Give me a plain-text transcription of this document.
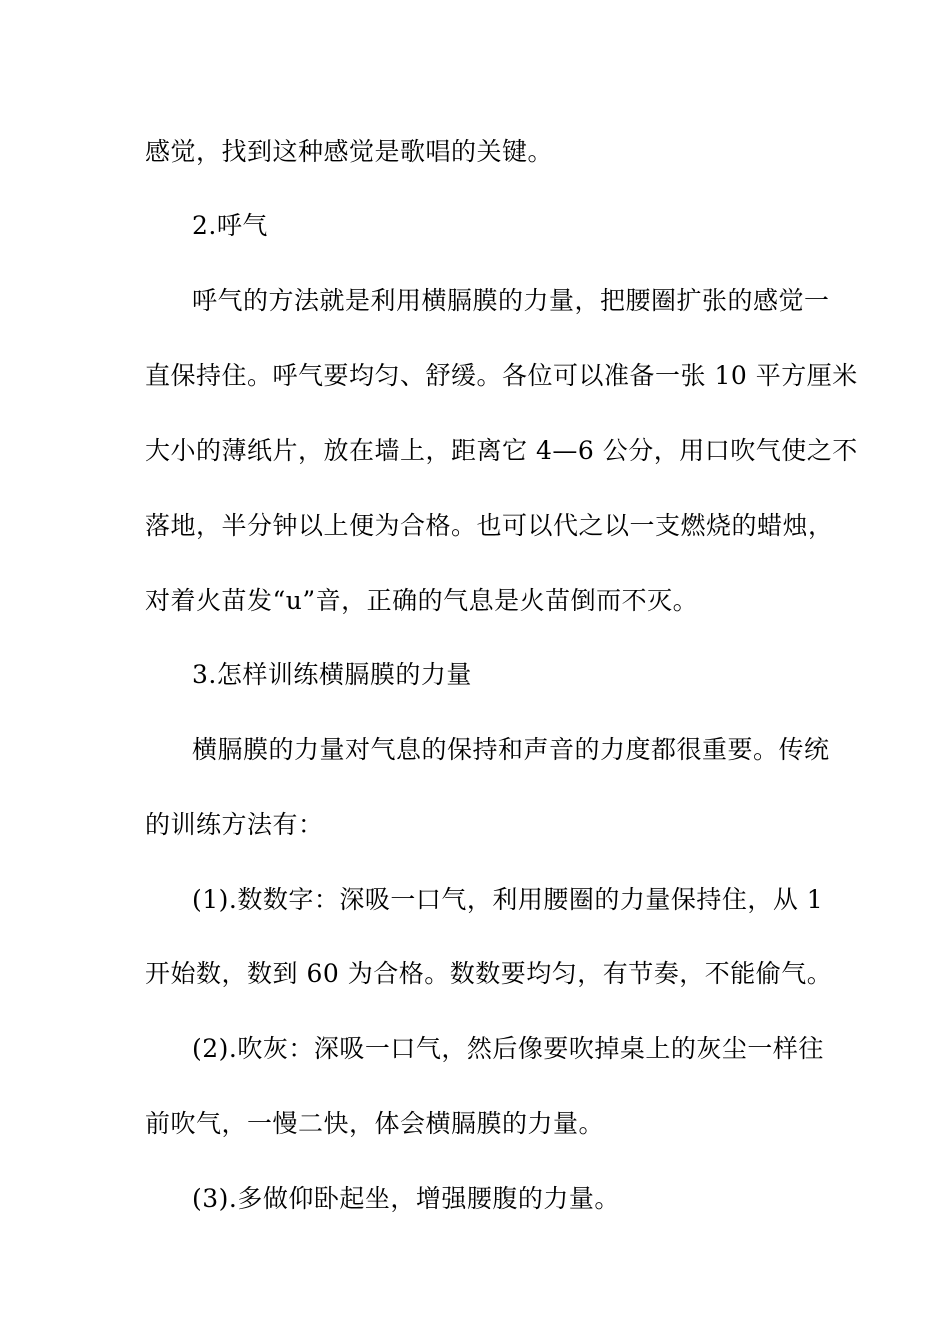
感觉，找到这种感觉是歌唱的关键。
2.呼气
呼气的方法就是利用横膈膜的力量，把腰圈扩张的感觉一
直保持住。呼气要均匀、舒缓。各位可以准备一张 10 平方厘米
大小的薄纸片，放在墙上，距离它 4—6 公分，用口吹气使之不
落地，半分钟以上便为合格。也可以代之以一支燃烧的蜡烛，
对着火苗发“u”音，正确的气息是火苗倒而不灭。
3.怎样训练横膈膜的力量
横膈膜的力量对气息的保持和声音的力度都很重要。传统
的训练方法有：
(1).数数字：深吸一口气，利用腰圈的力量保持住，从 1
开始数，数到 60 为合格。数数要均匀，有节奏，不能偷气。
(2).吹灰：深吸一口气，然后像要吹掉桌上的灰尘一样往
前吹气，一慢二快，体会横膈膜的力量。
(3).多做仰卧起坐，增强腰腹的力量。
